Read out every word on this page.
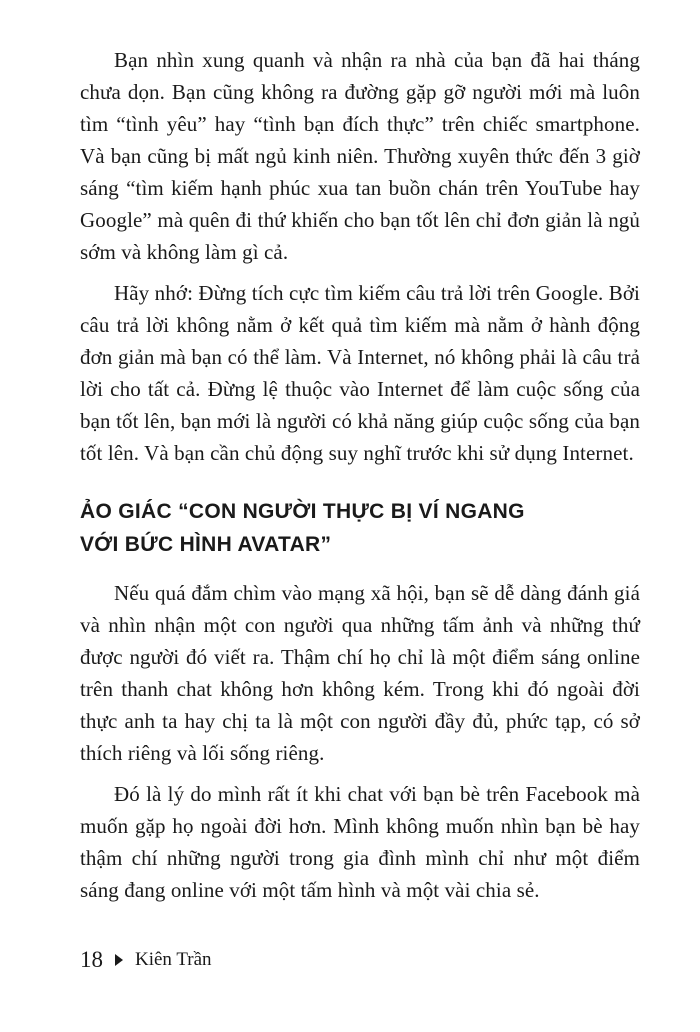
Bạn nhìn xung quanh và nhận ra nhà của bạn đã hai tháng chưa dọn. Bạn cũng không ra đường gặp gỡ người mới mà luôn tìm “tình yêu” hay “tình bạn đích thực” trên chiếc smartphone. Và bạn cũng bị mất ngủ kinh niên. Thường xuyên thức đến 3 giờ sáng “tìm kiếm hạnh phúc xua tan buồn chán trên YouTube hay Google” mà quên đi thứ khiến cho bạn tốt lên chỉ đơn giản là ngủ sớm và không làm gì cả.

Hãy nhớ: Đừng tích cực tìm kiếm câu trả lời trên Google. Bởi câu trả lời không nằm ở kết quả tìm kiếm mà nằm ở hành động đơn giản mà bạn có thể làm. Và Internet, nó không phải là câu trả lời cho tất cả. Đừng lệ thuộc vào Internet để làm cuộc sống của bạn tốt lên, bạn mới là người có khả năng giúp cuộc sống của bạn tốt lên. Và bạn cần chủ động suy nghĩ trước khi sử dụng Internet.

ẢO GIÁC “CON NGƯỜI THỰC BỊ VÍ NGANG
VỚI BỨC HÌNH AVATAR”

Nếu quá đắm chìm vào mạng xã hội, bạn sẽ dễ dàng đánh giá và nhìn nhận một con người qua những tấm ảnh và những thứ được người đó viết ra. Thậm chí họ chỉ là một điểm sáng online trên thanh chat không hơn không kém. Trong khi đó ngoài đời thực anh ta hay chị ta là một con người đầy đủ, phức tạp, có sở thích riêng và lối sống riêng.

Đó là lý do mình rất ít khi chat với bạn bè trên Facebook mà muốn gặp họ ngoài đời hơn. Mình không muốn nhìn bạn bè hay thậm chí những người trong gia đình mình chỉ như một điểm sáng đang online với một tấm hình và một vài chia sẻ.

18 Kiên Trần
